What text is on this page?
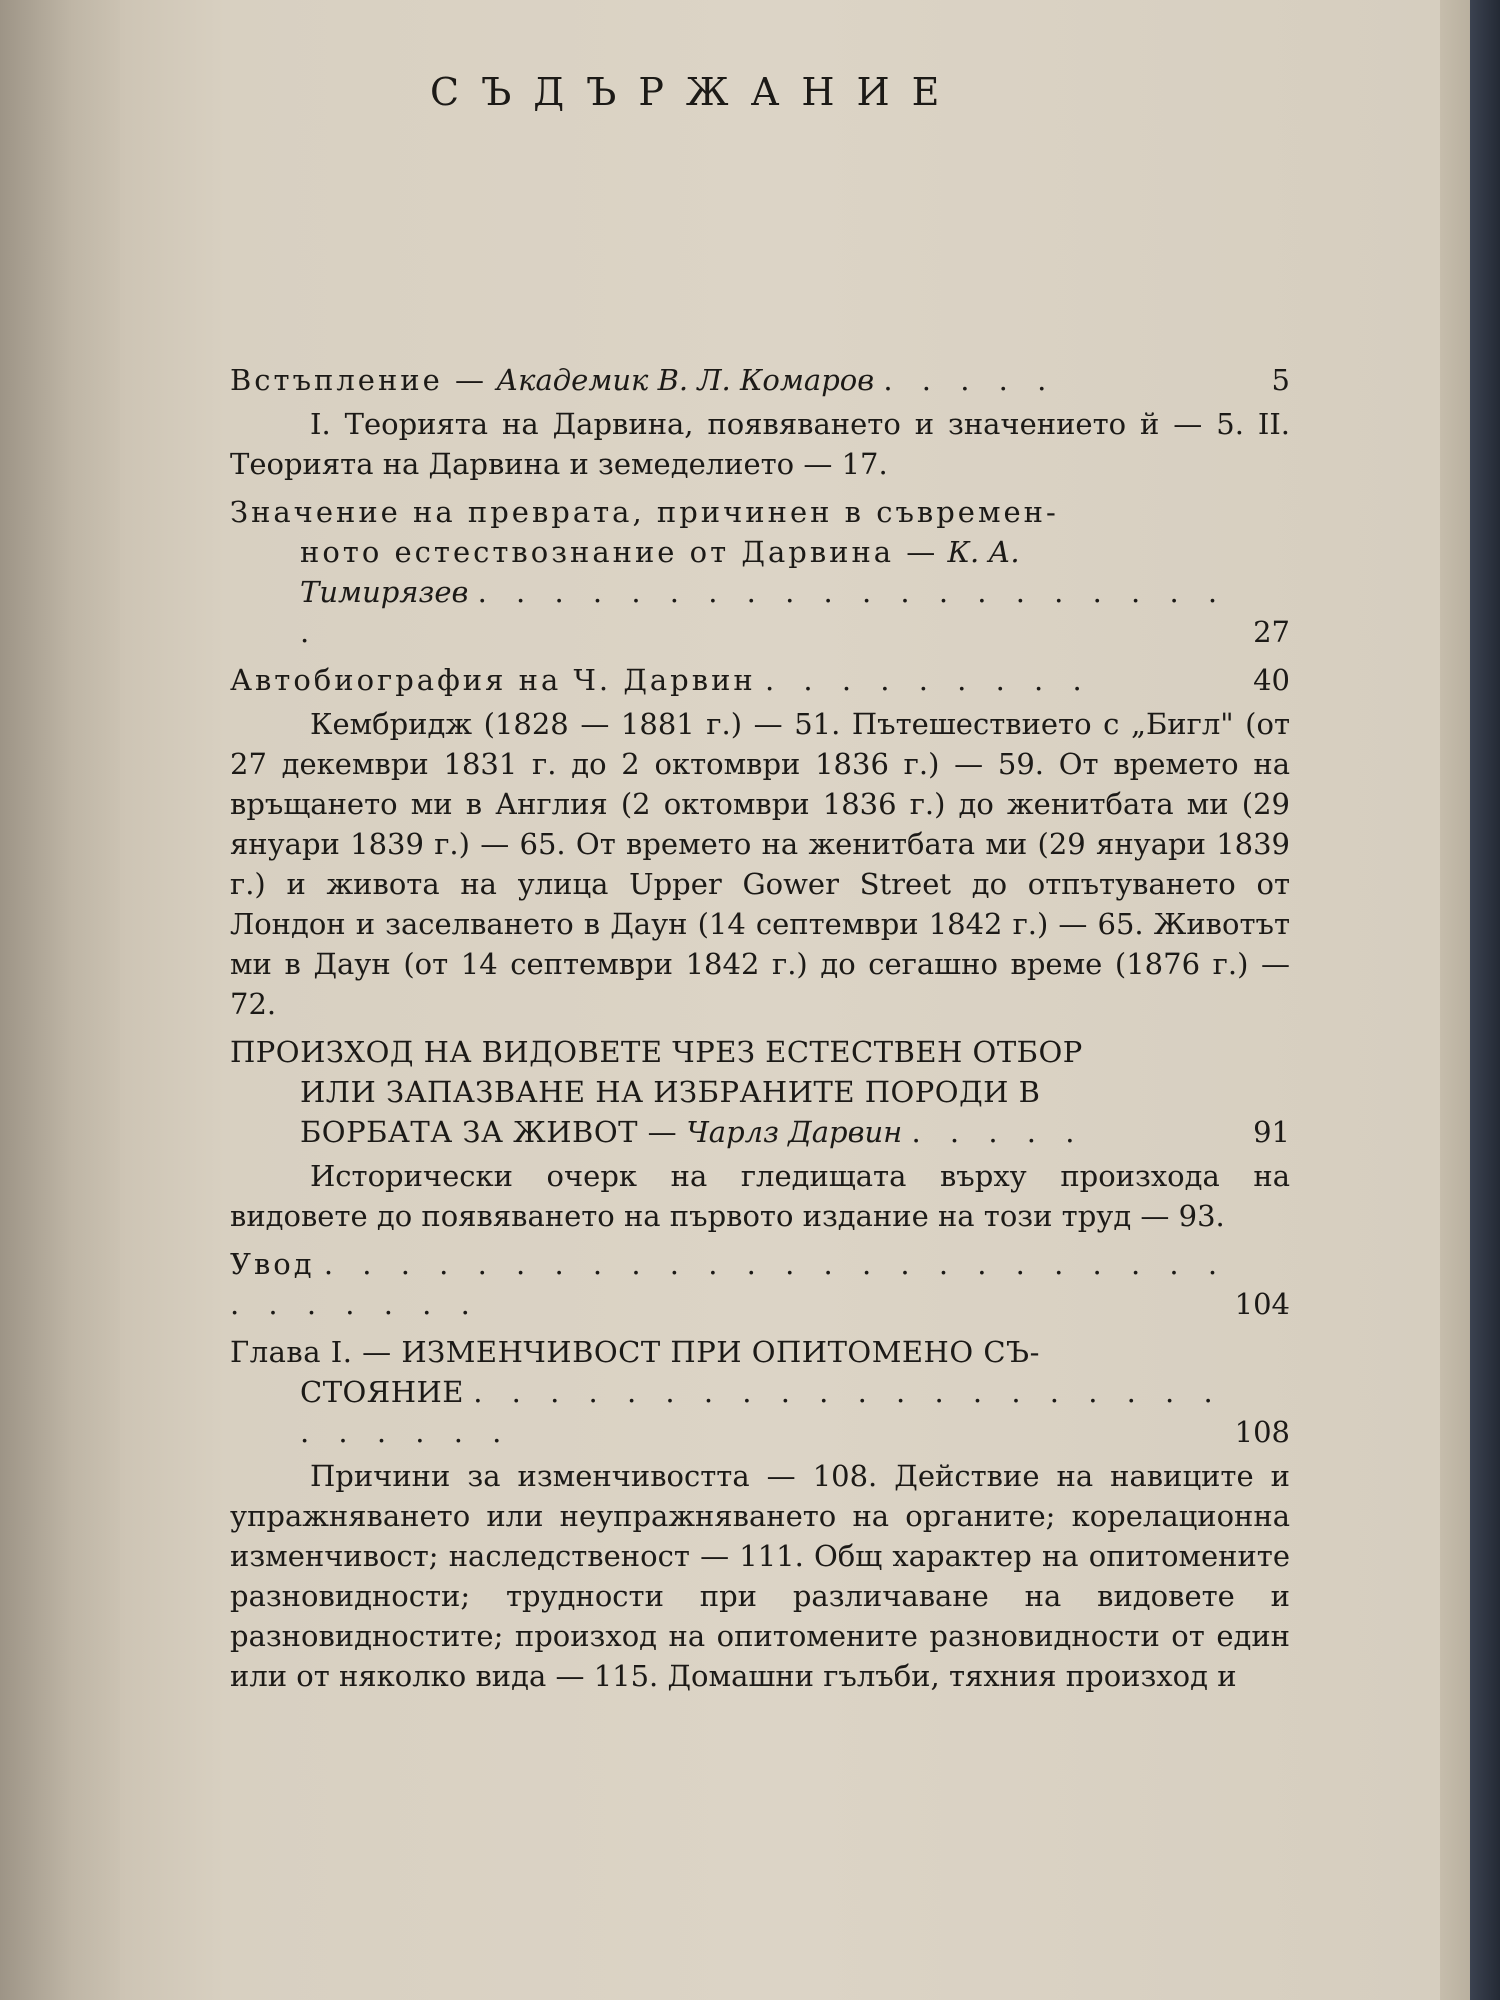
СЪДЪРЖАНИЕ
Встъпление — Академик В. Л. Комаров . . . . .	5
I. Теорията на Дарвина, появяването и значението й — 5. II. Теорията на Дарвина и земеделието — 17.
Значение на преврата, причинен в съвремен-
ното естествознание от Дарвина — К. А.
Тимирязев . . . . . . . . . . . . . . . . . . . . .	27
Автобиография на Ч. Дарвин . . . . . . . . .	40
Кембридж (1828 — 1881 г.) — 51. Пътешествието с „Бигл" (от 27 декември 1831 г. до 2 октомври 1836 г.) — 59. От времето на връщането ми в Англия (2 октомври 1836 г.) до женитбата ми (29 януари 1839 г.) — 65. От времето на женитбата ми (29 януари 1839 г.) и живота на улица Upper Gower Street до отпътуването от Лондон и заселването в Даун (14 септември 1842 г.) — 65. Животът ми в Даун (от 14 септември 1842 г.) до сегашно време (1876 г.) — 72.
ПРОИЗХОД НА ВИДОВЕТЕ ЧРЕЗ ЕСТЕСТВЕН ОТБОР
ИЛИ ЗАПАЗВАНЕ НА ИЗБРАНИТЕ ПОРОДИ В
БОРБАТА ЗА ЖИВОТ — Чарлз Дарвин . . . . .	91
Исторически очерк на гледищата върху произхода на видовете до появяването на първото издание на този труд — 93.
Увод . . . . . . . . . . . . . . . . . . . . . . . . . . . . . . .	104
Глава I. — ИЗМЕНЧИВОСТ ПРИ ОПИТОМЕНО СЪ-
СТОЯНИЕ . . . . . . . . . . . . . . . . . . . . . . . . . .	108
Причини за изменчивостта — 108. Действие на навиците и упражняването или неупражняването на органите; корелационна изменчивост; наследственост — 111. Общ характер на опитомените разновидности; трудности при различаване на видовете и разновидностите; произход на опитомените разновидности от един или от няколко вида — 115. Домашни гълъби, тяхния произход и
